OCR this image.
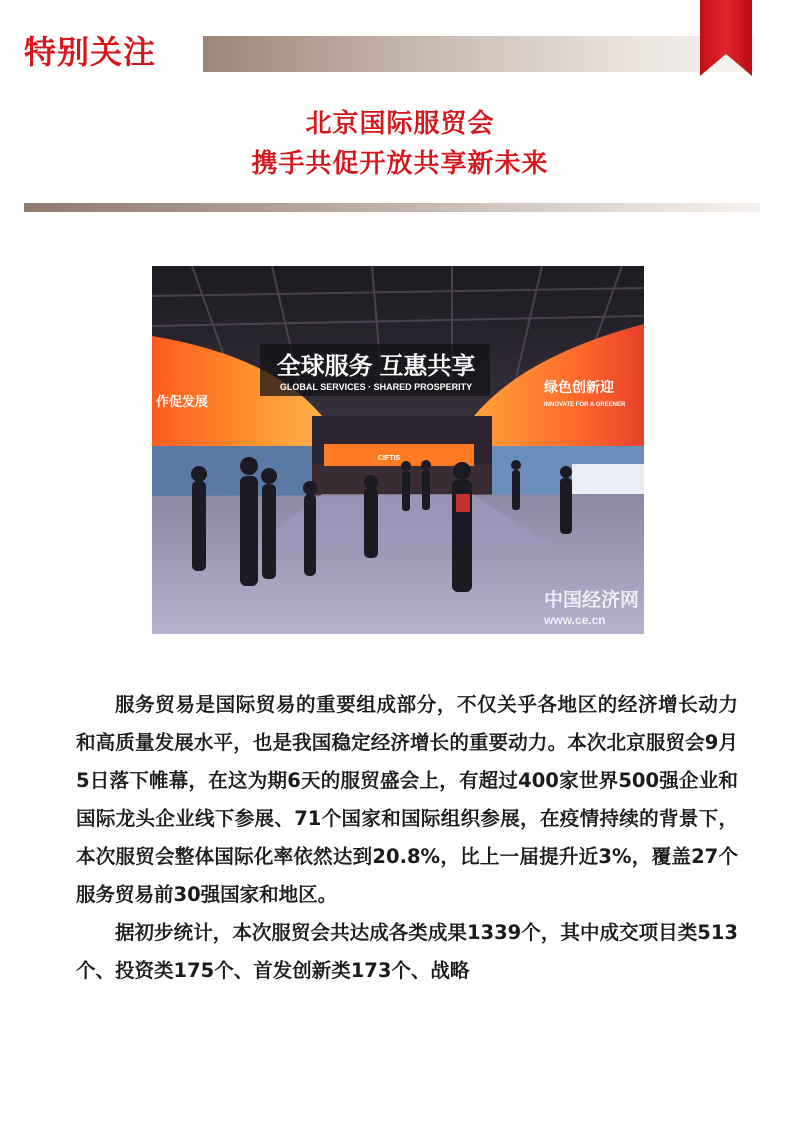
特别关注
北京国际服贸会
携手共促开放共享新未来
全球服务 互惠共享
GLOBAL SERVICES · SHARED PROSPERITY
作促发展
绿色创新迎
INNOVATE FOR A GREENER
CIFTIS
中国经济网
www.ce.cn

服务贸易是国际贸易的重要组成部分，不仅关乎各地区的经济增长动力和高质量发展水平，也是我国稳定经济增长的重要动力。本次北京服贸会9月5日落下帷幕，在这为期6天的服贸盛会上，有超过400家世界500强企业和国际龙头企业线下参展、71个国家和国际组织参展，在疫情持续的背景下，本次服贸会整体国际化率依然达到20.8%，比上一届提升近3%，覆盖27个服务贸易前30强国家和地区。

据初步统计，本次服贸会共达成各类成果1339个，其中成交项目类513个、投资类175个、首发创新类173个、战略
